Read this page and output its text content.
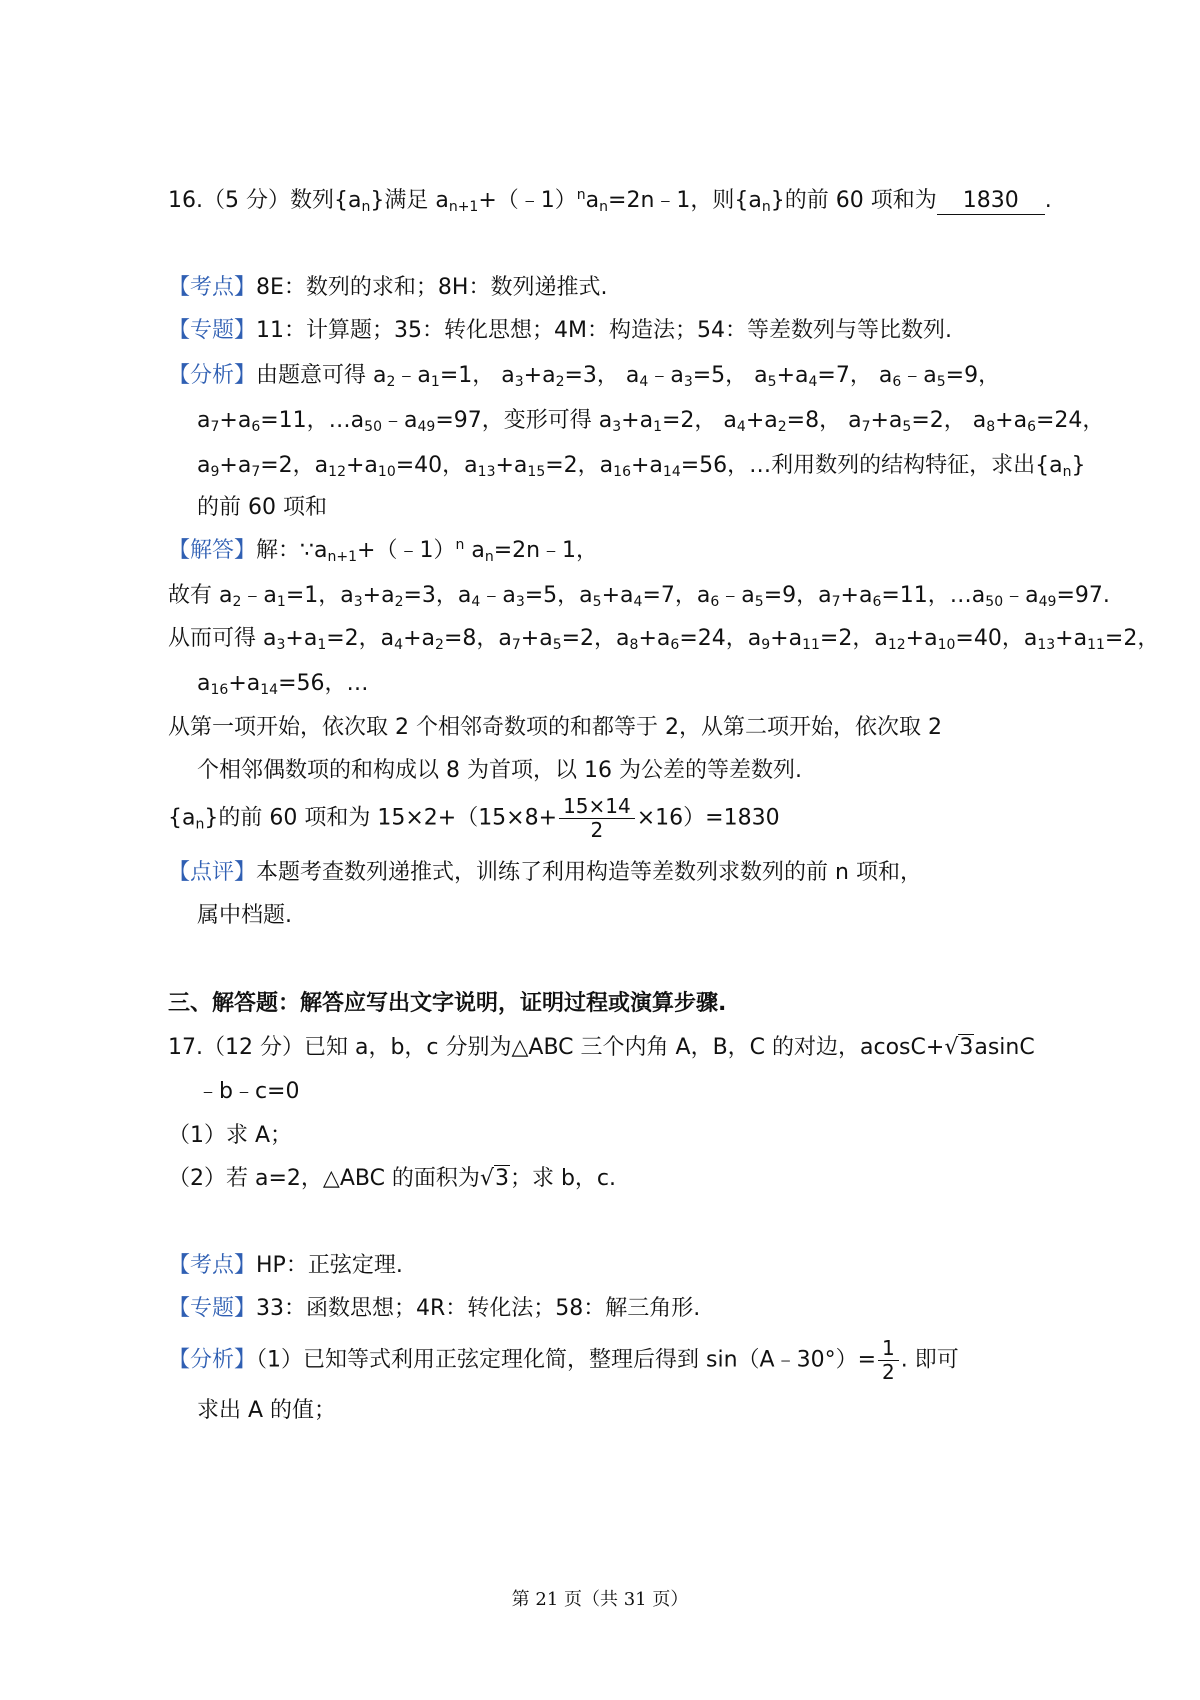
16.（5 分）数列$\{a_n\}$满足 $a_{n+1}+(﹣1)^na_n=2n﹣1$，则$\{a_n\}$的前 60 项和为 1830 .
【考点】8E：数列的求和；8H：数列递推式.
【专题】11：计算题；35：转化思想；4M：构造法；54：等差数列与等比数列.
【分析】由题意可得 $a_2﹣a_1=1$， $a_3+a_2=3$， $a_4﹣a_3=5$， $a_5+a_4=7$， $a_6﹣a_5=9$，
$a_7+a_6=11$，$\dots a_{50}﹣a_{49}=97$，变形可得 $a_3+a_1=2$， $a_4+a_2=8$， $a_7+a_5=2$， $a_8+a_6=24$，
$a_9+a_7=2$，$a_{12}+a_{10}=40$，$a_{13}+a_{15}=2$，$a_{16}+a_{14}=56$，…利用数列的结构特征，求出$\{a_n\}$
的前 60 项和
【解答】解：$\because a_{n+1}+(﹣1)^n$ $a_n=2n﹣1$，
故有 $a_2﹣a_1=1$，$a_3+a_2=3$，$a_4﹣a_3=5$，$a_5+a_4=7$，$a_6﹣a_5=9$，$a_7+a_6=11$，$\dots a_{50}﹣a_{49}=97$.
从而可得 $a_3+a_1=2$，$a_4+a_2=8$，$a_7+a_5=2$，$a_8+a_6=24$，$a_9+a_{11}=2$，$a_{12}+a_{10}=40$，$a_{13}+a_{11}=2$，
$a_{16}+a_{14}=56$，…
从第一项开始，依次取 2 个相邻奇数项的和都等于 2，从第二项开始，依次取 2
个相邻偶数项的和构成以 8 为首项，以 16 为公差的等差数列.
$\{a_n\}$的前 60 项和为 $15\times 2+(15\times 8+ \frac{15\times 14}{2} \times 16)=1830$
【点评】本题考查数列递推式，训练了利用构造等差数列求数列的前 n 项和，
属中档题.
三、解答题：解答应写出文字说明，证明过程或演算步骤.
17.（12 分）已知 a，b，c 分别为△ABC 三个内角 A，B，C 的对边，acosC+√3asinC
﹣b﹣c=0
（1）求 A；
（2）若 a=2，△ABC 的面积为√3；求 b，c.
【考点】HP：正弦定理.
【专题】33：函数思想；4R：转化法；58：解三角形.
【分析】（1）已知等式利用正弦定理化简，整理后得到 sin（A﹣30°）= $\frac{1}{2}$ . 即可
求出 A 的值；
第 21 页（共 31 页）
